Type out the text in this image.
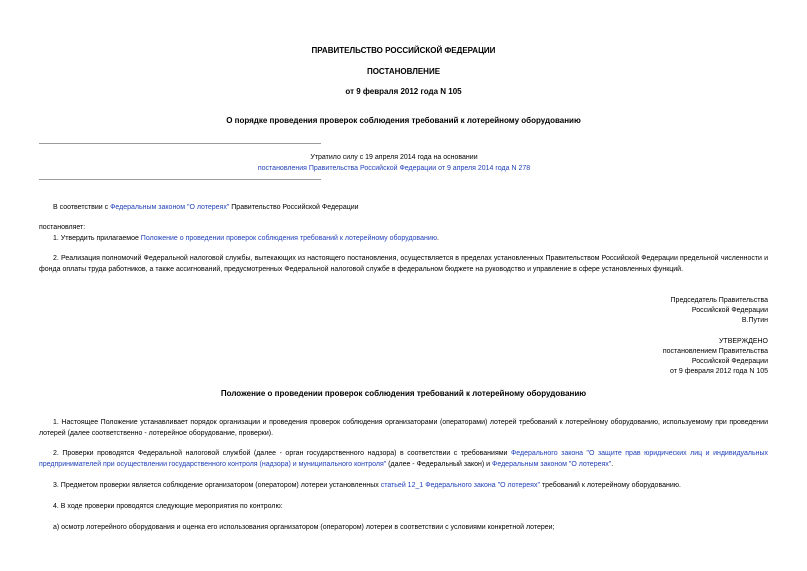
ПРАВИТЕЛЬСТВО РОССИЙСКОЙ ФЕДЕРАЦИИ
ПОСТАНОВЛЕНИЕ
от 9 февраля 2012 года N 105
О порядке проведения проверок соблюдения требований к лотерейному оборудованию
Утратило силу с 19 апреля 2014 года на основании
постановления Правительства Российской Федерации от 9 апреля 2014 года N 278
В соответствии с Федеральным законом "О лотереях" Правительство Российской Федерации
постановляет:
1. Утвердить прилагаемое Положение о проведении проверок соблюдения требований к лотерейному оборудованию.
2. Реализация полномочий Федеральной налоговой службы, вытекающих из настоящего постановления, осуществляется в пределах установленных Правительством Российской Федерации предельной численности и фонда оплаты труда работников, а также ассигнований, предусмотренных Федеральной налоговой службе в федеральном бюджете на руководство и управление в сфере установленных функций.
Председатель Правительства
Российской Федерации
В.Путин
УТВЕРЖДЕНО
постановлением Правительства
Российской Федерации
от 9 февраля 2012 года N 105
Положение о проведении проверок соблюдения требований к лотерейному оборудованию
1. Настоящее Положение устанавливает порядок организации и проведения проверок соблюдения организаторами (операторами) лотерей требований к лотерейному оборудованию, используемому при проведении лотерей (далее соответственно - лотерейное оборудование, проверки).
2. Проверки проводятся Федеральной налоговой службой (далее - орган государственного надзора) в соответствии с требованиями Федерального закона "О защите прав юридических лиц и индивидуальных предпринимателей при осуществлении государственного контроля (надзора) и муниципального контроля" (далее - Федеральный закон) и Федеральным законом "О лотереях".
3. Предметом проверки является соблюдение организатором (оператором) лотереи установленных статьей 12_1 Федерального закона "О лотереях" требований к лотерейному оборудованию.
4. В ходе проверки проводятся следующие мероприятия по контролю:
а) осмотр лотерейного оборудования и оценка его использования организатором (оператором) лотереи в соответствии с условиями конкретной лотереи;
